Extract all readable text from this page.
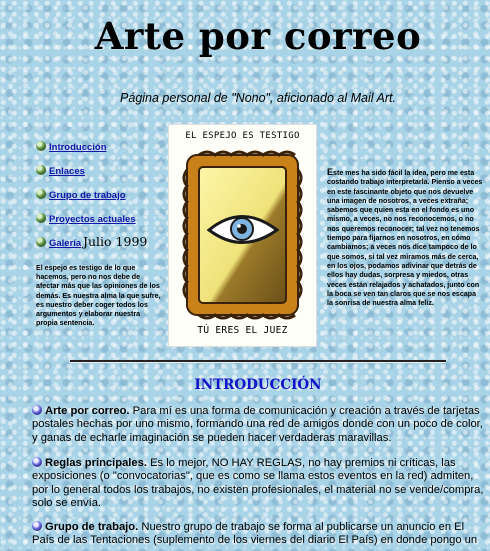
Arte por correo
Página personal de "Nono", aficionado al Mail Art.
Introducción
Enlaces
Grupo de trabajo
Proyectos actuales
Galería Julio 1999
El espejo es testigo de lo que hacemos, pero no nos debe de afectar más que las opiniones de los demás. Es nuestra alma la que sufre, es nuestro deber coger todos los argumentos y elaborar nuestra propia sentencia.
EL ESPEJO ES TESTIGO
TÚ ERES EL JUEZ
Este mes ha sido fácil la idea, pero me esta costando trabajo interpretarla. Pienso a veces en este fascinante objeto que nos devuelve una imagen de nosotros, a veces extraña; sabemos que quien esta en el fondo es uno mismo, a veces, no nos reconocemos, o no nos queremos reconocer; tal vez no tenemos tiempo para fijarnos en nosotros, en cómo cambiamos; a veces nos dice tampoco de lo que somos, si tal vez miramos más de cerca, en los ojos, podamos adivinar que detrás de ellos hay dudas, sorpresa y miedos, otras veces están relajados y achatados, junto con la boca se ven tan claros que se nos escapa la sonrisa de nuestra alma feliz.
INTRODUCCIÓN
Arte por correo. Para mí es una forma de comunicación y creación a través de tarjetas postales hechas por uno mismo, formando una red de amigos donde con un poco de color, y ganas de echarle imaginación se pueden hacer verdaderas maravillas.
Reglas principales. Es lo mejor, NO HAY REGLAS, no hay premios ni críticas, las exposiciones (o "convocatorias", que es como se llama estos eventos en la red) admiten, por lo general todos los trabajos, no existen profesionales, el material no se vende/compra, solo se envía.
Grupo de trabajo. Nuestro grupo de trabajo se forma al publicarse un anuncio en El País de las Tentaciones (suplemento de los viernes del diario El País) en donde pongo un
